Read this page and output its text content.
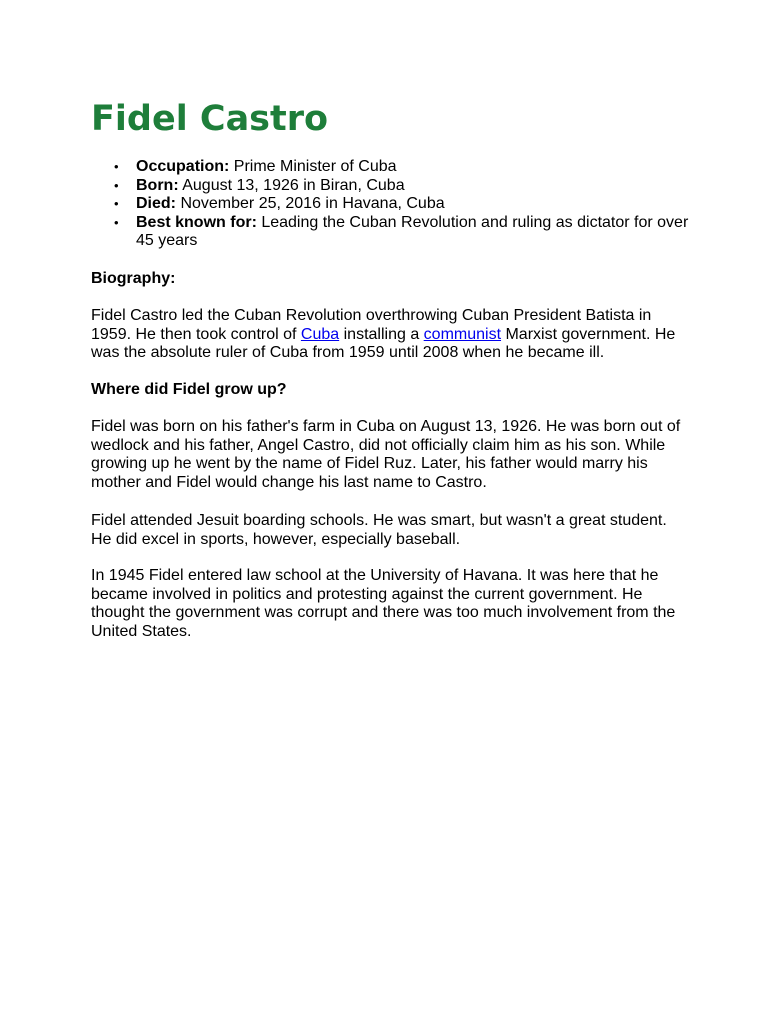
Fidel Castro
• Occupation: Prime Minister of Cuba
• Born: August 13, 1926 in Biran, Cuba
• Died: November 25, 2016 in Havana, Cuba
• Best known for: Leading the Cuban Revolution and ruling as dictator for over 45 years
Biography:

Fidel Castro led the Cuban Revolution overthrowing Cuban President Batista in 1959. He then took control of Cuba installing a communist Marxist government. He was the absolute ruler of Cuba from 1959 until 2008 when he became ill.

Where did Fidel grow up?

Fidel was born on his father's farm in Cuba on August 13, 1926. He was born out of wedlock and his father, Angel Castro, did not officially claim him as his son. While growing up he went by the name of Fidel Ruz. Later, his father would marry his mother and Fidel would change his last name to Castro.

Fidel attended Jesuit boarding schools. He was smart, but wasn't a great student. He did excel in sports, however, especially baseball.

In 1945 Fidel entered law school at the University of Havana. It was here that he became involved in politics and protesting against the current government. He thought the government was corrupt and there was too much involvement from the United States.
